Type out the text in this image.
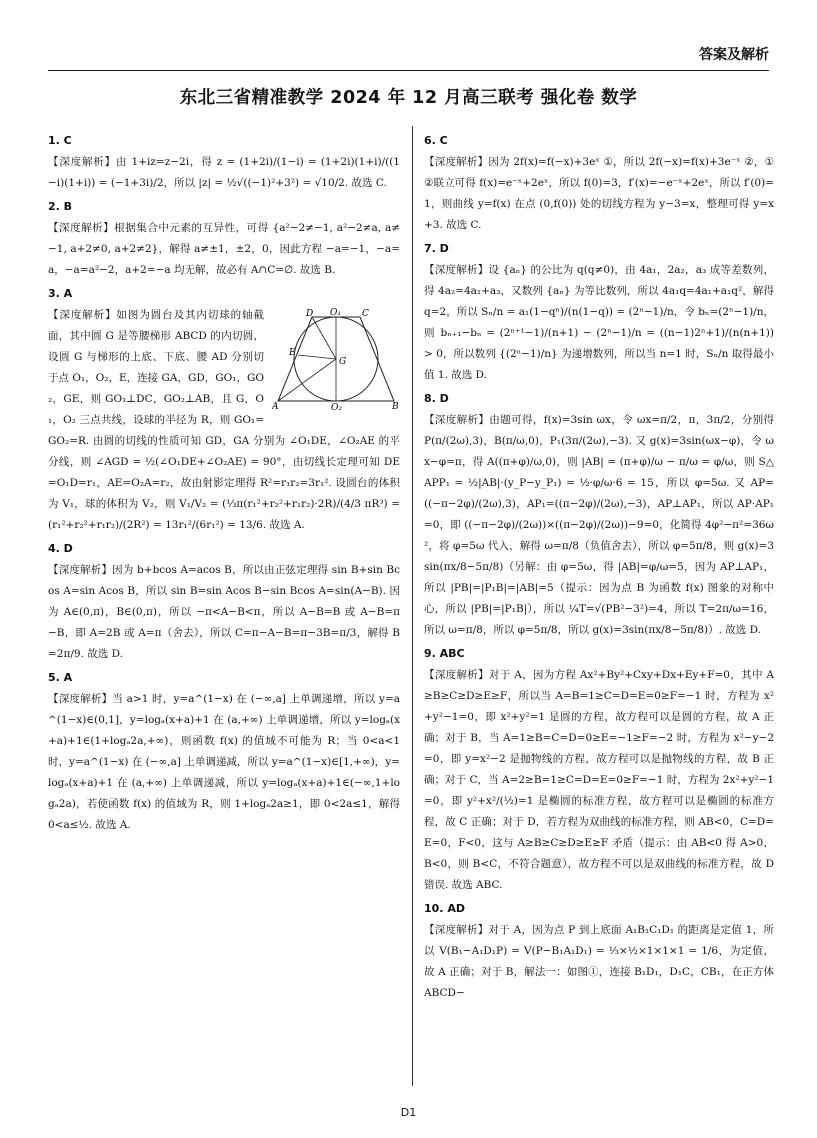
答案及解析
东北三省精准教学 2024 年 12 月高三联考 强化卷 数学
1. C

【深度解析】由 1+iz=z−2i，得 z = (1+2i)/(1−i) = (1+2i)(1+i)/((1−i)(1+i)) = (−1+3i)/2，所以 |z| = ½√((−1)²+3²) = √10/2. 故选 C.

2. B

【深度解析】根据集合中元素的互异性，可得 {a²−2≠−1, a²−2≠a, a≠−1, a+2≠0, a+2≠2}，解得 a≠±1，±2，0，因此方程 −a=−1，−a=a，−a=a²−2，a+2=−a 均无解，故必有 A∩C=∅. 故选 B.

3. A
D O₁ C
E
G
A	O₂	B

【深度解析】如图为圆台及其内切球的轴截面，其中圆 G 是等腰梯形 ABCD 的内切圆，设圆 G 与梯形的上底、下底、腰 AD 分别切于点 O₁，O₂，E，连接 GA，GD，GO₁，GO₂，GE，则 GO₁⊥DC，GO₂⊥AB，且 G，O₁，O₂ 三点共线，设球的半径为 R，则 GO₁=GO₂=R. 由圆的切线的性质可知 GD，GA 分别为 ∠O₁DE，∠O₂AE 的平分线，则 ∠AGD = ½(∠O₁DE+∠O₂AE) = 90°，由切线长定理可知 DE=O₁D=r₁，AE=O₂A=r₂，故由射影定理得 R²=r₁r₂=3r₁². 设圆台的体积为 V₁，球的体积为 V₂，则 V₁/V₂ = (⅓π(r₁²+r₂²+r₁r₂)·2R)/(4/3 πR³) = (r₁²+r₂²+r₁r₂)/(2R²) = 13r₁²/(6r₁²) = 13/6. 故选 A.

4. D

【深度解析】因为 b+bcos A=acos B，所以由正弦定理得 sin B+sin Bcos A=sin Acos B，所以 sin B=sin Acos B−sin Bcos A=sin(A−B). 因为 A∈(0,π)，B∈(0,π)，所以 −π<A−B<π，所以 A−B=B 或 A−B=π−B，即 A=2B 或 A=π（舍去），所以 C=π−A−B=π−3B=π/3，解得 B=2π/9. 故选 D.

5. A

【深度解析】当 a>1 时，y=a^(1−x) 在 (−∞,a] 上单调递增，所以 y=a^(1−x)∈(0,1]，y=logₐ(x+a)+1 在 (a,+∞) 上单调递增，所以 y=logₐ(x+a)+1∈(1+logₐ2a,+∞)，则函数 f(x) 的值域不可能为 R；当 0<a<1 时，y=a^(1−x) 在 (−∞,a] 上单调递减，所以 y=a^(1−x)∈[1,+∞)，y=logₐ(x+a)+1 在 (a,+∞) 上单调递减，所以 y=logₐ(x+a)+1∈(−∞,1+logₐ2a)，若使函数 f(x) 的值域为 R，则 1+logₐ2a≥1，即 0<2a≤1，解得 0<a≤½. 故选 A.

6. C

【深度解析】因为 2f(x)=f(−x)+3eˣ ①，所以 2f(−x)=f(x)+3e⁻ˣ ②，①②联立可得 f(x)=e⁻ˣ+2eˣ，所以 f(0)=3，f′(x)=−e⁻ˣ+2eˣ，所以 f′(0)=1，则曲线 y=f(x) 在点 (0,f(0)) 处的切线方程为 y−3=x，整理可得 y=x+3. 故选 C.

7. D

【深度解析】设 {aₙ} 的公比为 q(q≠0)，由 4a₁，2a₂，a₃ 成等差数列，得 4a₂=4a₁+a₃，又数列 {aₙ} 为等比数列，所以 4a₁q=4a₁+a₁q²，解得 q=2，所以 Sₙ/n = a₁(1−qⁿ)/(n(1−q)) = (2ⁿ−1)/n，令 bₙ=(2ⁿ−1)/n，则 bₙ₊₁−bₙ = (2ⁿ⁺¹−1)/(n+1) − (2ⁿ−1)/n = ((n−1)2ⁿ+1)/(n(n+1)) > 0，所以数列 {(2ⁿ−1)/n} 为递增数列，所以当 n=1 时，Sₙ/n 取得最小值 1. 故选 D.

8. D

【深度解析】由题可得，f(x)=3sin ωx，令 ωx=π/2，π，3π/2，分别得 P(π/(2ω),3)，B(π/ω,0)，P₁(3π/(2ω),−3). 又 g(x)=3sin(ωx−φ)，令 ωx−φ=π，得 A((π+φ)/ω,0)，则 |AB| = (π+φ)/ω − π/ω = φ/ω，则 S△APP₁ = ½|AB|·(y_P−y_P₁) = ½·φ/ω·6 = 15，所以 φ=5ω. 又 AP=((−π−2φ)/(2ω),3)，AP₁=((π−2φ)/(2ω),−3)，AP⊥AP₁，所以 AP·AP₁=0，即 ((−π−2φ)/(2ω))×((π−2φ)/(2ω))−9=0，化简得 4φ²−π²=36ω²，将 φ=5ω 代入，解得 ω=π/8（负值舍去），所以 φ=5π/8，则 g(x)=3sin(πx/8−5π/8)（另解：由 φ=5ω，得 |AB|=φ/ω=5，因为 AP⊥AP₁，所以 |PB|=|P₁B|=|AB|=5（提示：因为点 B 为函数 f(x) 图象的对称中心，所以 |PB|=|P₁B|），所以 ¼T=√(PB²−3²)=4，所以 T=2π/ω=16，所以 ω=π/8，所以 φ=5π/8，所以 g(x)=3sin(πx/8−5π/8)）. 故选 D.

9. ABC

【深度解析】对于 A，因为方程 Ax²+By²+Cxy+Dx+Ey+F=0，其中 A≥B≥C≥D≥E≥F，所以当 A=B=1≥C=D=E=0≥F=−1 时，方程为 x²+y²−1=0，即 x²+y²=1 是圆的方程，故方程可以是圆的方程，故 A 正确；对于 B，当 A=1≥B=C=D=0≥E=−1≥F=−2 时，方程为 x²−y−2=0，即 y=x²−2 是抛物线的方程，故方程可以是抛物线的方程，故 B 正确；对于 C，当 A=2≥B=1≥C=D=E=0≥F=−1 时，方程为 2x²+y²−1=0，即 y²+x²/(½)=1 是椭圆的标准方程，故方程可以是椭圆的标准方程，故 C 正确；对于 D，若方程为双曲线的标准方程，则 AB<0，C=D=E=0，F<0，这与 A≥B≥C≥D≥E≥F 矛盾（提示：由 AB<0 得 A>0，B<0，则 B<C，不符合题意），故方程不可以是双曲线的标准方程，故 D 错误. 故选 ABC.

10. AD

【深度解析】对于 A，因为点 P 到上底面 A₁B₁C₁D₁ 的距离是定值 1，所以 V(B₁−A₁D₁P) = V(P−B₁A₁D₁) = ⅓×½×1×1×1 = 1/6，为定值，故 A 正确；对于 B，解法一：如图①，连接 B₁D₁，D₁C，CB₁，在正方体 ABCD−

D1
